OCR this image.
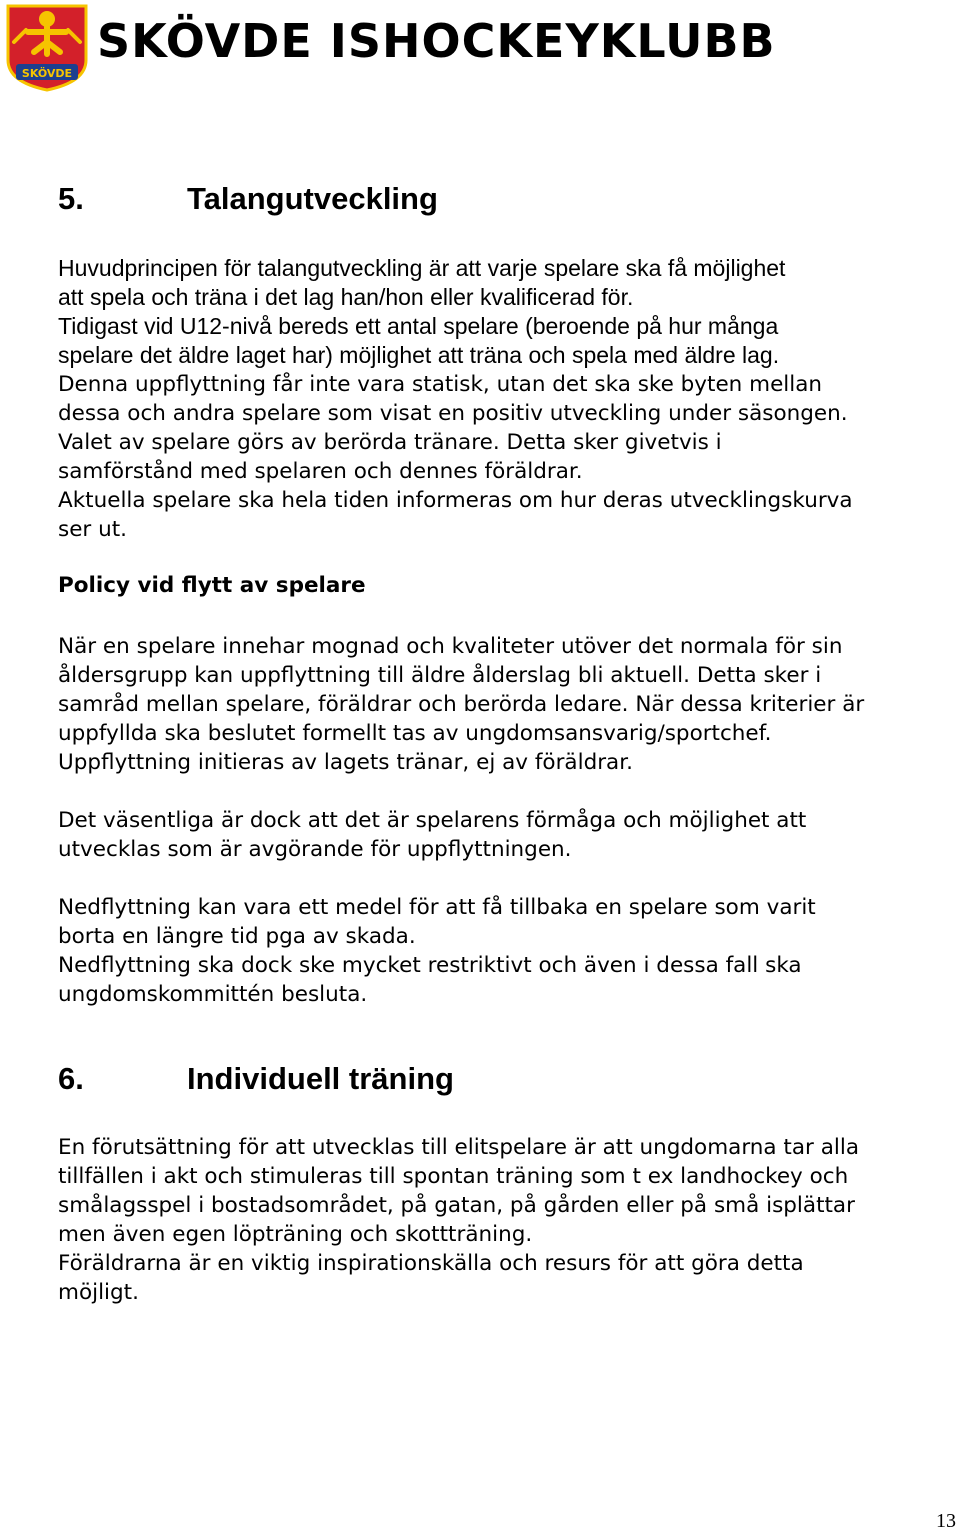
SKÖVDE
SKÖVDE ISHOCKEYKLUBB
5.	Talangutveckling
Huvudprincipen för talangutveckling är att varje spelare ska få möjlighet
att spela och träna i det lag han/hon eller kvalificerad för.
Tidigast vid U12-nivå bereds ett antal spelare (beroende på hur många
spelare det äldre laget har) möjlighet att träna och spela med äldre lag.
Denna uppflyttning får inte vara statisk, utan det ska ske byten mellan
dessa och andra spelare som visat en positiv utveckling under säsongen.
Valet av spelare görs av berörda tränare. Detta sker givetvis i
samförstånd med spelaren och dennes föräldrar.
Aktuella spelare ska hela tiden informeras om hur deras utvecklingskurva
ser ut.
Policy vid flytt av spelare
När en spelare innehar mognad och kvaliteter utöver det normala för sin
åldersgrupp kan uppflyttning till äldre ålderslag bli aktuell. Detta sker i
samråd mellan spelare, föräldrar och berörda ledare. När dessa kriterier är
uppfyllda ska beslutet formellt tas av ungdomsansvarig/sportchef.
Uppflyttning initieras av lagets tränar, ej av föräldrar.
Det väsentliga är dock att det är spelarens förmåga och möjlighet att
utvecklas som är avgörande för uppflyttningen.
Nedflyttning kan vara ett medel för att få tillbaka en spelare som varit
borta en längre tid pga av skada.
Nedflyttning ska dock ske mycket restriktivt och även i dessa fall ska
ungdomskommittén besluta.
6.	Individuell träning
En förutsättning för att utvecklas till elitspelare är att ungdomarna tar alla
tillfällen i akt och stimuleras till spontan träning som t ex landhockey och
smålagsspel i bostadsområdet, på gatan, på gården eller på små isplättar
men även egen löpträning och skottträning.
Föräldrarna är en viktig inspirationskälla och resurs för att göra detta
möjligt.
13
